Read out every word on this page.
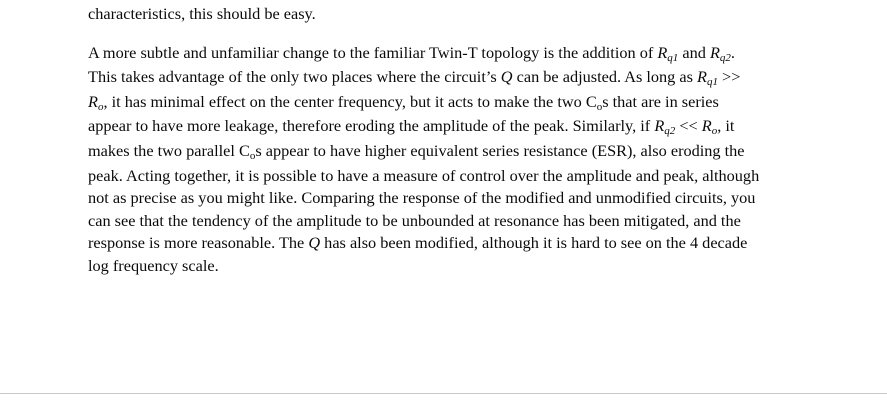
characteristics, this should be easy.

A more subtle and unfamiliar change to the familiar Twin-T topology is the addition of $R_{q1}$ and $R_{q2}$. This takes advantage of the only two places where the circuit’s Q can be adjusted. As long as $R_{q1} >> R_o$, it has minimal effect on the center frequency, but it acts to make the two $C_os$ that are in series appear to have more leakage, therefore eroding the amplitude of the peak. Similarly, if $R_{q2} << R_o$, it makes the two parallel $C_os$ appear to have higher equivalent series resistance (ESR), also eroding the peak. Acting together, it is possible to have a measure of control over the amplitude and peak, although not as precise as you might like. Comparing the response of the modified and unmodified circuits, you can see that the tendency of the amplitude to be unbounded at resonance has been mitigated, and the response is more reasonable. The Q has also been modified, although it is hard to see on the 4 decade log frequency scale.
